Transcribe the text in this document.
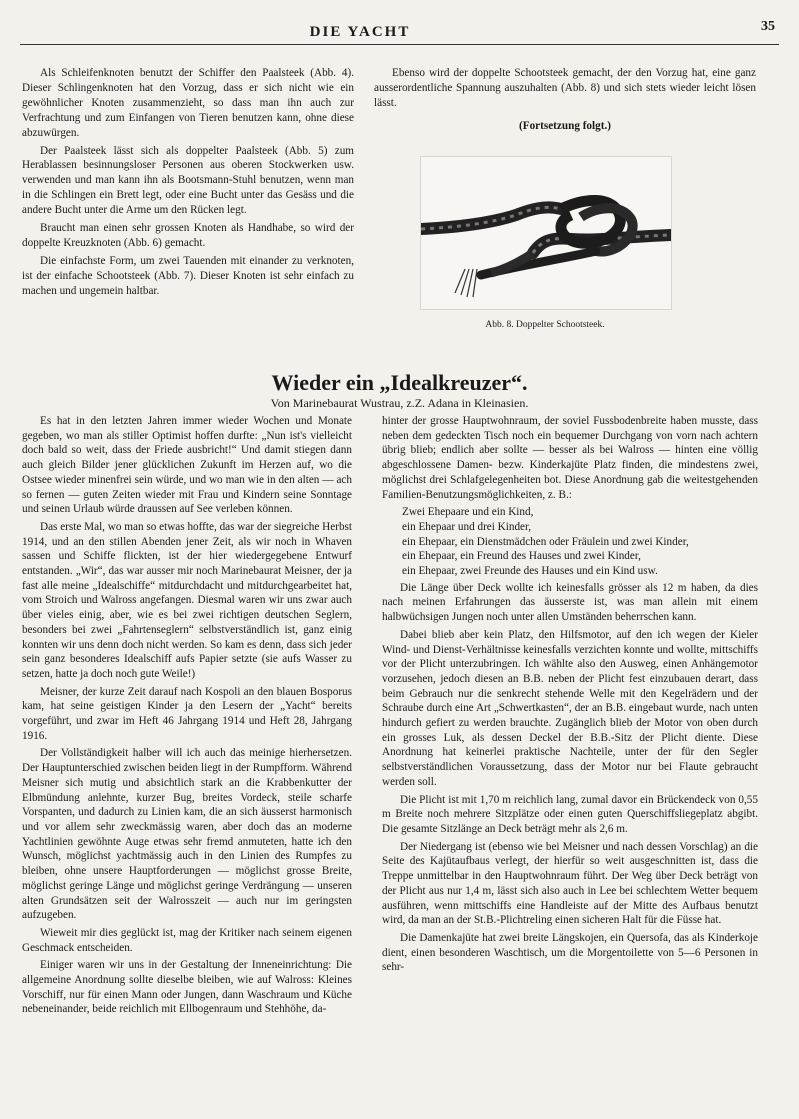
DIE YACHT	35

Als Schleifenknoten benutzt der Schiffer den Paalsteek (Abb. 4). Dieser Schlingenknoten hat den Vorzug, dass er sich nicht wie ein gewöhnlicher Knoten zusammenzieht, so dass man ihn auch zur Verfrachtung und zum Einfangen von Tieren benutzen kann, ohne diese abzuwürgen.

Der Paalsteek lässt sich als doppelter Paalsteek (Abb. 5) zum Herablassen besinnungsloser Personen aus oberen Stockwerken usw. verwenden und man kann ihn als Bootsmann-Stuhl benutzen, wenn man in die Schlingen ein Brett legt, oder eine Bucht unter das Gesäss und die andere Bucht unter die Arme um den Rücken legt.

Braucht man einen sehr grossen Knoten als Handhabe, so wird der doppelte Kreuzknoten (Abb. 6) gemacht.

Die einfachste Form, um zwei Tauenden mit einander zu verknoten, ist der einfache Schootsteek (Abb. 7). Dieser Knoten ist sehr einfach zu machen und ungemein haltbar.

Ebenso wird der doppelte Schootsteek gemacht, der den Vorzug hat, eine ganz ausserordentliche Spannung auszuhalten (Abb. 8) und sich stets wieder leicht lösen lässt.

(Fortsetzung folgt.)

Abb. 8. Doppelter Schootsteek.
Wieder ein „Idealkreuzer“.
Von Marinebaurat Wustrau, z.Z. Adana in Kleinasien.

Es hat in den letzten Jahren immer wieder Wochen und Monate gegeben, wo man als stiller Optimist hoffen durfte: „Nun ist's vielleicht doch bald so weit, dass der Friede ausbricht!“ Und damit stiegen dann auch gleich Bilder jener glücklichen Zukunft im Herzen auf, wo die Ostsee wieder minenfrei sein würde, und wo man wie in den alten — ach so fernen — guten Zeiten wieder mit Frau und Kindern seine Sonntage und seinen Urlaub würde draussen auf See verleben können.

Das erste Mal, wo man so etwas hoffte, das war der siegreiche Herbst 1914, und an den stillen Abenden jener Zeit, als wir noch in Whaven sassen und Schiffe flickten, ist der hier wiedergegebene Entwurf entstanden. „Wir“, das war ausser mir noch Marinebaurat Meisner, der ja fast alle meine „Idealschiffe“ mitdurchdacht und mitdurchgearbeitet hat, vom Stroich und Walross angefangen. Diesmal waren wir uns zwar auch über vieles einig, aber, wie es bei zwei richtigen deutschen Seglern, besonders bei zwei „Fahrtenseglern“ selbstverständlich ist, ganz einig konnten wir uns denn doch nicht werden. So kam es denn, dass sich jeder sein ganz besonderes Idealschiff aufs Papier setzte (sie aufs Wasser zu setzen, hatte ja doch noch gute Weile!)

Meisner, der kurze Zeit darauf nach Kospoli an den blauen Bosporus kam, hat seine geistigen Kinder ja den Lesern der „Yacht“ bereits vorgeführt, und zwar im Heft 46 Jahrgang 1914 und Heft 28, Jahrgang 1916.

Der Vollständigkeit halber will ich auch das meinige hierhersetzen. Der Hauptunterschied zwischen beiden liegt in der Rumpfform. Während Meisner sich mutig und absichtlich stark an die Krabbenkutter der Elbmündung anlehnte, kurzer Bug, breites Vordeck, steile scharfe Vorspanten, und dadurch zu Linien kam, die an sich äusserst harmonisch und vor allem sehr zweckmässig waren, aber doch das an moderne Yachtlinien gewöhnte Auge etwas sehr fremd anmuteten, hatte ich den Wunsch, möglichst yachtmässig auch in den Linien des Rumpfes zu bleiben, ohne unsere Hauptforderungen — möglichst grosse Breite, möglichst geringe Länge und möglichst geringe Verdrängung — unseren alten Grundsätzen seit der Walrosszeit — auch nur im geringsten aufzugeben.

Wieweit mir dies geglückt ist, mag der Kritiker nach seinem eigenen Geschmack entscheiden.

Einiger waren wir uns in der Gestaltung der Inneneinrichtung: Die allgemeine Anordnung sollte dieselbe bleiben, wie auf Walross: Kleines Vorschiff, nur für einen Mann oder Jungen, dann Waschraum und Küche nebeneinander, beide reichlich mit Ellbogenraum und Stehhöhe, da-

hinter der grosse Hauptwohnraum, der soviel Fussbodenbreite haben musste, dass neben dem gedeckten Tisch noch ein bequemer Durchgang von vorn nach achtern übrig blieb; endlich aber sollte — besser als bei Walross — hinten eine völlig abgeschlossene Damen- bezw. Kinderkajüte Platz finden, die mindestens zwei, möglichst drei Schlafgelegenheiten bot. Diese Anordnung gab die weitestgehenden Familien-Benutzungsmöglichkeiten, z. B.:

Zwei Ehepaare und ein Kind,

ein Ehepaar und drei Kinder,

ein Ehepaar, ein Dienstmädchen oder Fräulein und zwei Kinder,

ein Ehepaar, ein Freund des Hauses und zwei Kinder,

ein Ehepaar, zwei Freunde des Hauses und ein Kind usw.

Die Länge über Deck wollte ich keinesfalls grösser als 12 m haben, da dies nach meinen Erfahrungen das äusserste ist, was man allein mit einem halbwüchsigen Jungen noch unter allen Umständen beherrschen kann.

Dabei blieb aber kein Platz, den Hilfsmotor, auf den ich wegen der Kieler Wind- und Dienst-Verhältnisse keinesfalls verzichten konnte und wollte, mittschiffs vor der Plicht unterzubringen. Ich wählte also den Ausweg, einen Anhängemotor vorzusehen, jedoch diesen an B.B. neben der Plicht fest einzubauen derart, dass beim Gebrauch nur die senkrecht stehende Welle mit den Kegelrädern und der Schraube durch eine Art „Schwertkasten“, der an B.B. eingebaut wurde, nach unten hindurch gefiert zu werden brauchte. Zugänglich blieb der Motor von oben durch ein grosses Luk, als dessen Deckel der B.B.-Sitz der Plicht diente. Diese Anordnung hat keinerlei praktische Nachteile, unter der für den Segler selbstverständlichen Voraussetzung, dass der Motor nur bei Flaute gebraucht werden soll.

Die Plicht ist mit 1,70 m reichlich lang, zumal davor ein Brückendeck von 0,55 m Breite noch mehrere Sitzplätze oder einen guten Querschiffsliegeplatz abgibt. Die gesamte Sitzlänge an Deck beträgt mehr als 2,6 m.

Der Niedergang ist (ebenso wie bei Meisner und nach dessen Vorschlag) an die Seite des Kajütaufbaus verlegt, der hierfür so weit ausgeschnitten ist, dass die Treppe unmittelbar in den Hauptwohnraum führt. Der Weg über Deck beträgt von der Plicht aus nur 1,4 m, lässt sich also auch in Lee bei schlechtem Wetter bequem ausführen, wenn mittschiffs eine Handleiste auf der Mitte des Aufbaus benutzt wird, da man an der St.B.-Plichtreling einen sicheren Halt für die Füsse hat.

Die Damenkajüte hat zwei breite Längskojen, ein Quersofa, das als Kinderkoje dient, einen besonderen Waschtisch, um die Morgentoilette von 5—6 Personen in sehr-
